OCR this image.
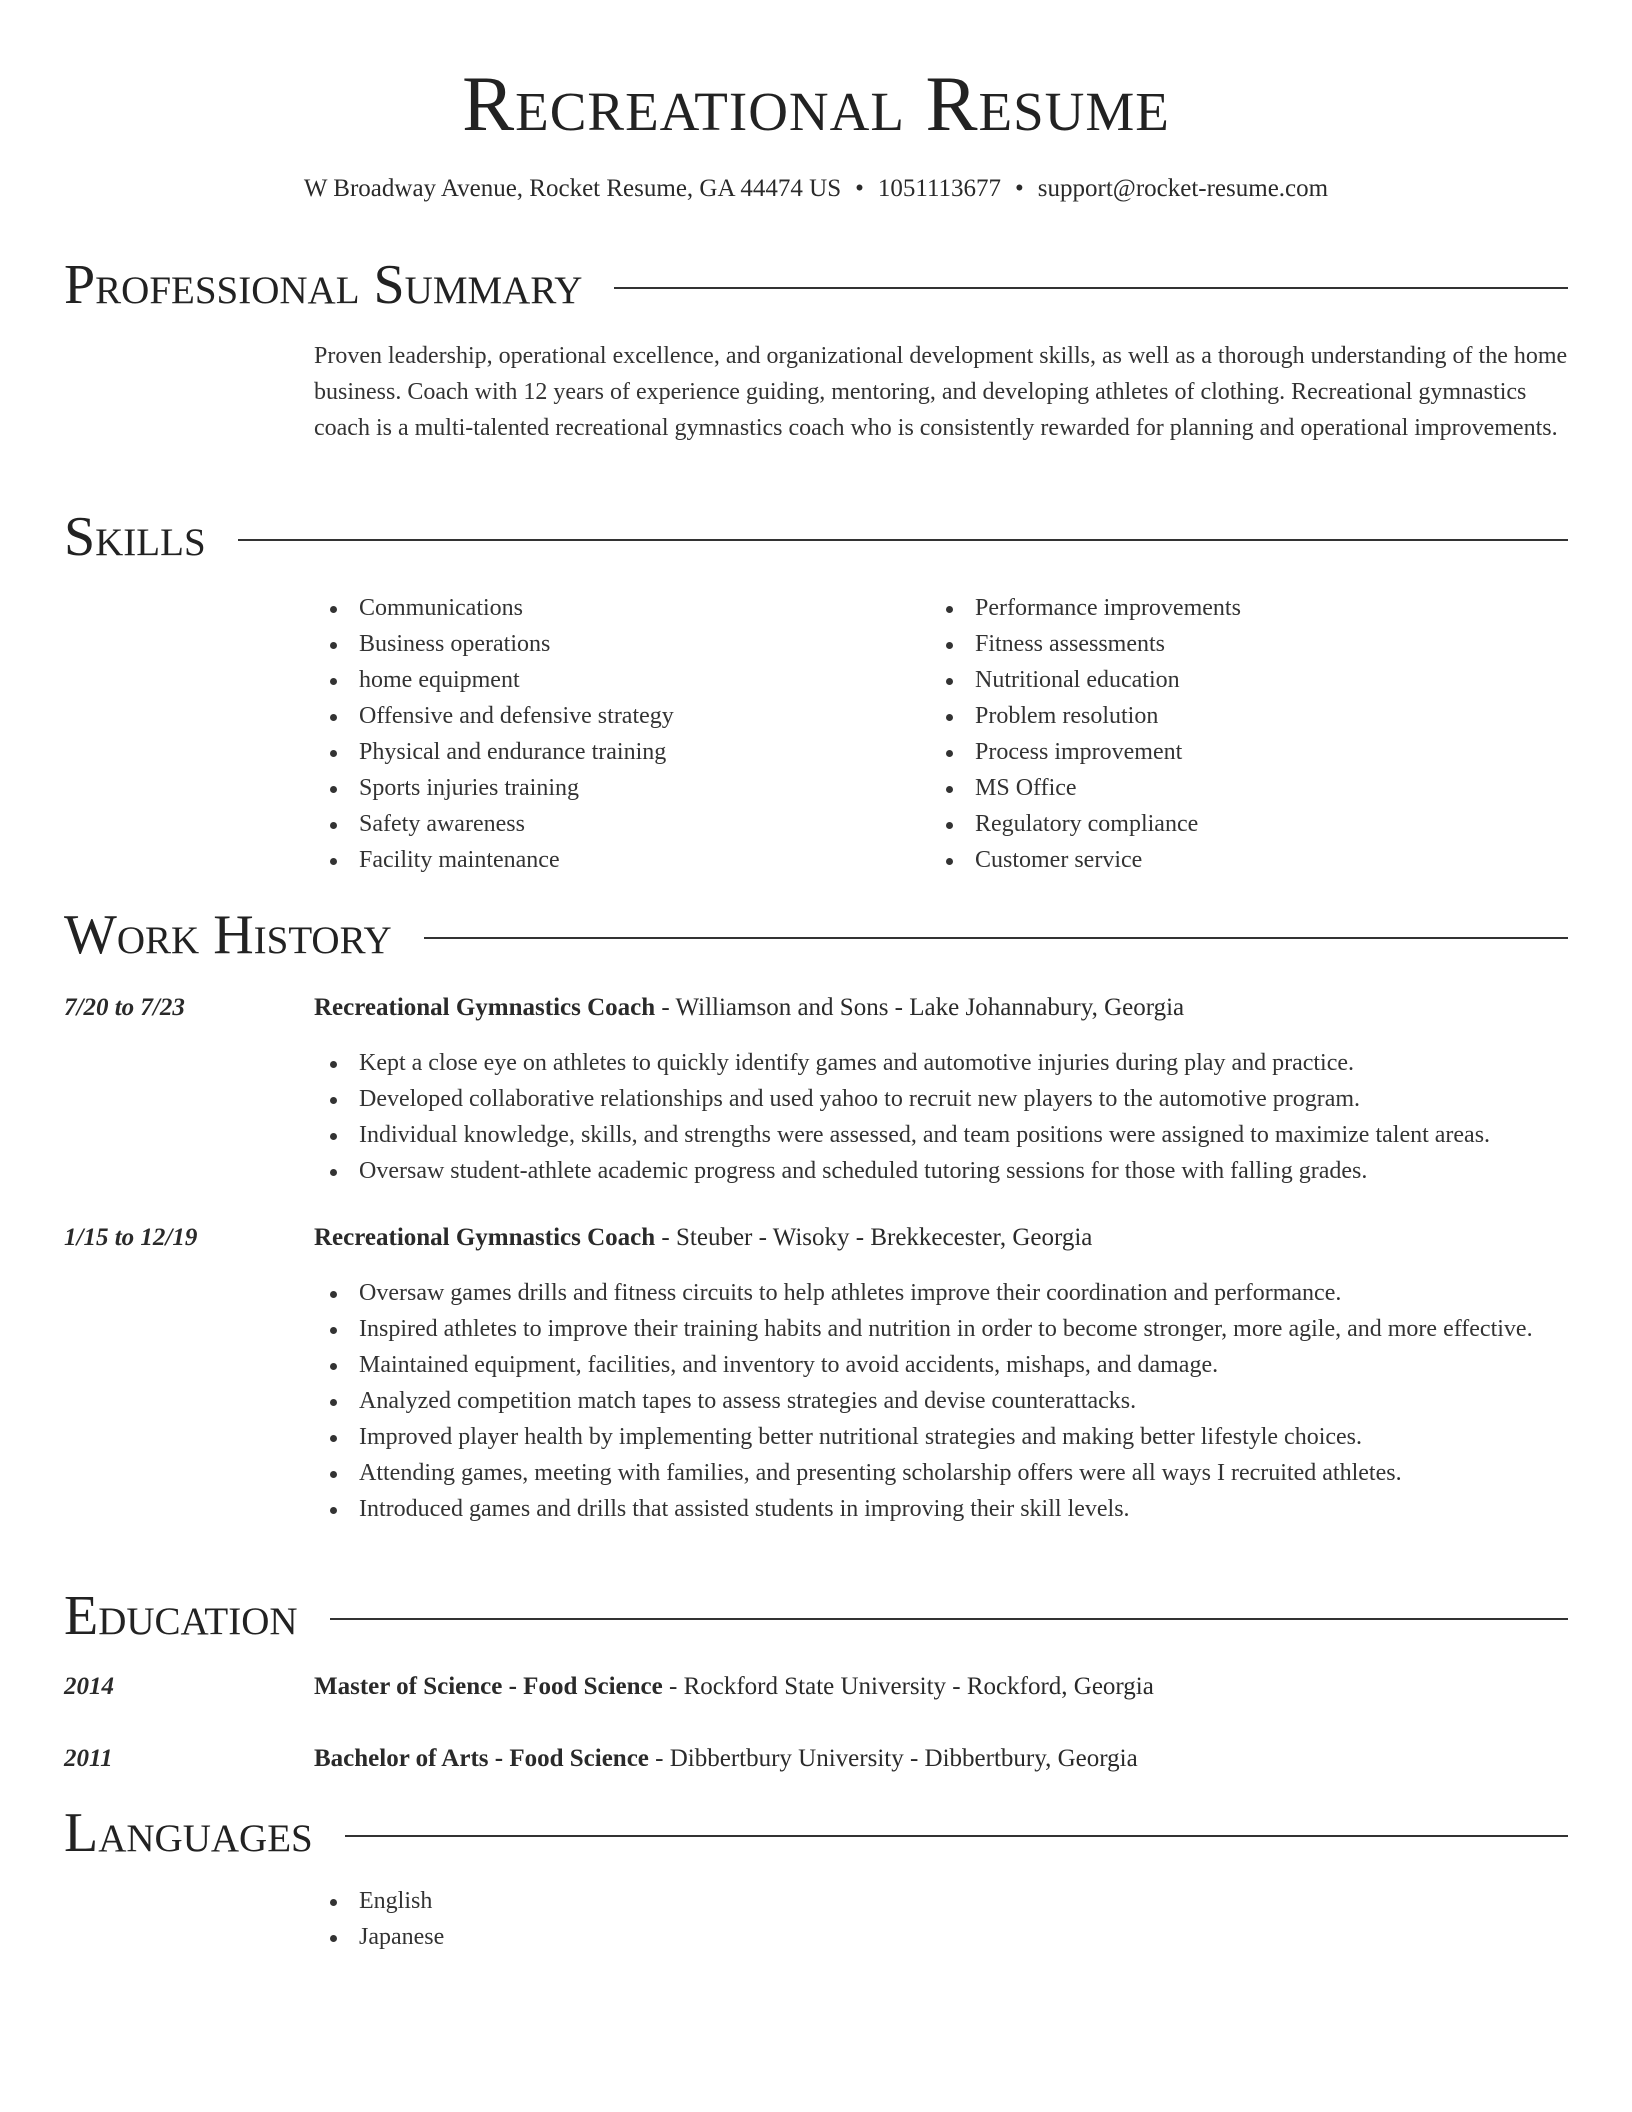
Recreational Resume
W Broadway Avenue, Rocket Resume, GA 44474 US • 1051113677 • support@rocket-resume.com
Professional Summary
Proven leadership, operational excellence, and organizational development skills, as well as a thorough understanding of the home business. Coach with 12 years of experience guiding, mentoring, and developing athletes of clothing. Recreational gymnastics coach is a multi-talented recreational gymnastics coach who is consistently rewarded for planning and operational improvements.
Skills
Communications
Business operations
home equipment
Offensive and defensive strategy
Physical and endurance training
Sports injuries training
Safety awareness
Facility maintenance
Performance improvements
Fitness assessments
Nutritional education
Problem resolution
Process improvement
MS Office
Regulatory compliance
Customer service
Work History
7/20 to 7/23	Recreational Gymnastics Coach - Williamson and Sons - Lake Johannabury, Georgia
Kept a close eye on athletes to quickly identify games and automotive injuries during play and practice.
Developed collaborative relationships and used yahoo to recruit new players to the automotive program.
Individual knowledge, skills, and strengths were assessed, and team positions were assigned to maximize talent areas.
Oversaw student-athlete academic progress and scheduled tutoring sessions for those with falling grades.
1/15 to 12/19	Recreational Gymnastics Coach - Steuber - Wisoky - Brekkecester, Georgia
Oversaw games drills and fitness circuits to help athletes improve their coordination and performance.
Inspired athletes to improve their training habits and nutrition in order to become stronger, more agile, and more effective.
Maintained equipment, facilities, and inventory to avoid accidents, mishaps, and damage.
Analyzed competition match tapes to assess strategies and devise counterattacks.
Improved player health by implementing better nutritional strategies and making better lifestyle choices.
Attending games, meeting with families, and presenting scholarship offers were all ways I recruited athletes.
Introduced games and drills that assisted students in improving their skill levels.
Education
2014	Master of Science - Food Science - Rockford State University - Rockford, Georgia
2011	Bachelor of Arts - Food Science - Dibbertbury University - Dibbertbury, Georgia
Languages
English
Japanese
